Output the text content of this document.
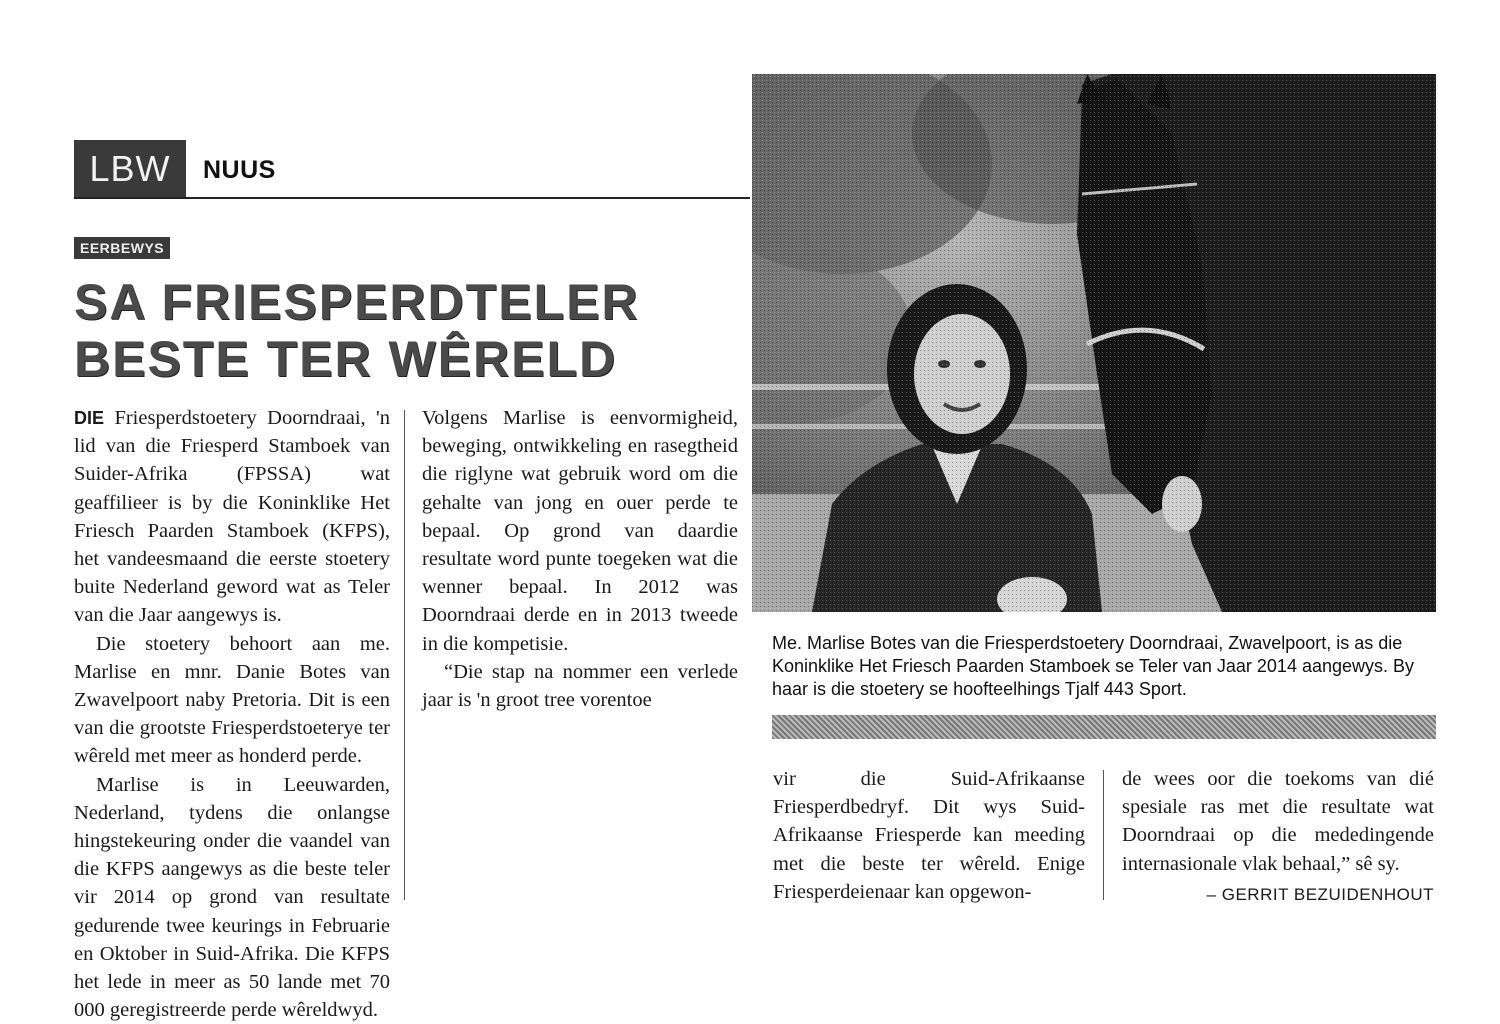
LBW	NUUS
EERBEWYS
SA FRIESPERDTELER
BESTE TER WÊRELD

DIE Friesperdstoetery Doorndraai, 'n lid van die Friesperd Stamboek van Suider-Afrika (FPSSA) wat geaffilieer is by die Koninklike Het Friesch Paarden Stamboek (KFPS), het vandeesmaand die eerste stoetery buite Nederland geword wat as Teler van die Jaar aangewys is.

Die stoetery behoort aan me. Marlise en mnr. Danie Botes van Zwavelpoort naby Pretoria. Dit is een van die grootste Friesperdstoeterye ter wêreld met meer as honderd perde.

Marlise is in Leeuwarden, Nederland, tydens die onlangse hingstekeuring onder die vaandel van die KFPS aangewys as die beste teler vir 2014 op grond van resultate gedurende twee keurings in Februarie en Oktober in Suid-Afrika. Die KFPS het lede in meer as 50 lande met 70 000 geregistreerde perde wêreldwyd.

Volgens Marlise is eenvormigheid, beweging, ontwikkeling en rasegtheid die riglyne wat gebruik word om die gehalte van jong en ouer perde te bepaal. Op grond van daardie resultate word punte toegeken wat die wenner bepaal. In 2012 was Doorndraai derde en in 2013 tweede in die kompetisie.

“Die stap na nommer een verlede jaar is 'n groot tree vorentoe

Me. Marlise Botes van die Friesperdstoetery Doorndraai, Zwavelpoort, is as die Koninklike Het Friesch Paarden Stamboek se Teler van Jaar 2014 aangewys. By haar is die stoetery se hoofteelhings Tjalf 443 Sport.

vir die Suid-Afrikaanse Friesperdbedryf. Dit wys Suid-Afrikaanse Friesperde kan meeding met die beste ter wêreld. Enige Friesperdeienaar kan opgewon-

de wees oor die toekoms van dié spesiale ras met die resultate wat Doorndraai op die mededingende internasionale vlak behaal,” sê sy.
– GERRIT BEZUIDENHOUT
